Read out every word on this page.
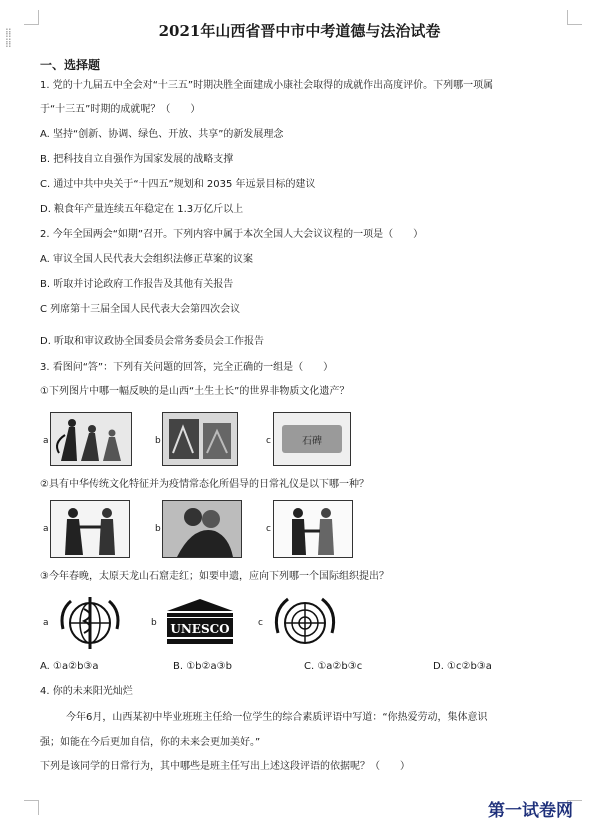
⁞⁞
⁞⁞
2021年山西省晋中市中考道德与法治试卷
一、选择题
1. 党的十九届五中全会对“十三五”时期决胜全面建成小康社会取得的成就作出高度评价。下列哪一项属
于“十三五”时期的成就呢？（　　）
A. 坚持“创新、协调、绿色、开放、共享”的新发展理念
B. 把科技自立自强作为国家发展的战略支撑
C. 通过中共中央关于“十四五”规划和 2035 年远景目标的建议
D. 粮食年产量连续五年稳定在 1.3万亿斤以上
2. 今年全国两会“如期”召开。下列内容中属于本次全国人大会议议程的一项是（　　）
A. 审议全国人民代表大会组织法修正草案的议案
B. 听取并讨论政府工作报告及其他有关报告
C 列席第十三届全国人民代表大会第四次会议
D. 听取和审议政协全国委员会常务委员会工作报告
3. 看图问“答”：下列有关问题的回答，完全正确的一组是（　　）
①下列图片中哪一幅反映的是山西“土生土长”的世界非物质文化遗产？
a	b	c	石碑
②具有中华传统文化特征并为疫情常态化所倡导的日常礼仪是以下哪一种？
a	b	c
③今年春晚，太原天龙山石窟走红；如要申遗，应向下列哪一个国际组织提出？
a	b UNESCO	c
A. ①a②b③a	B. ①b②a③b	C. ①a②b③c	D. ①c②b③a
4. 你的未来阳光灿烂
今年6月，山西某初中毕业班班主任给一位学生的综合素质评语中写道：“你热爱劳动，集体意识
强；如能在今后更加自信，你的未来会更加美好。”
下列是该同学的日常行为，其中哪些是班主任写出上述这段评语的依据呢？（　　）
第一试卷网
